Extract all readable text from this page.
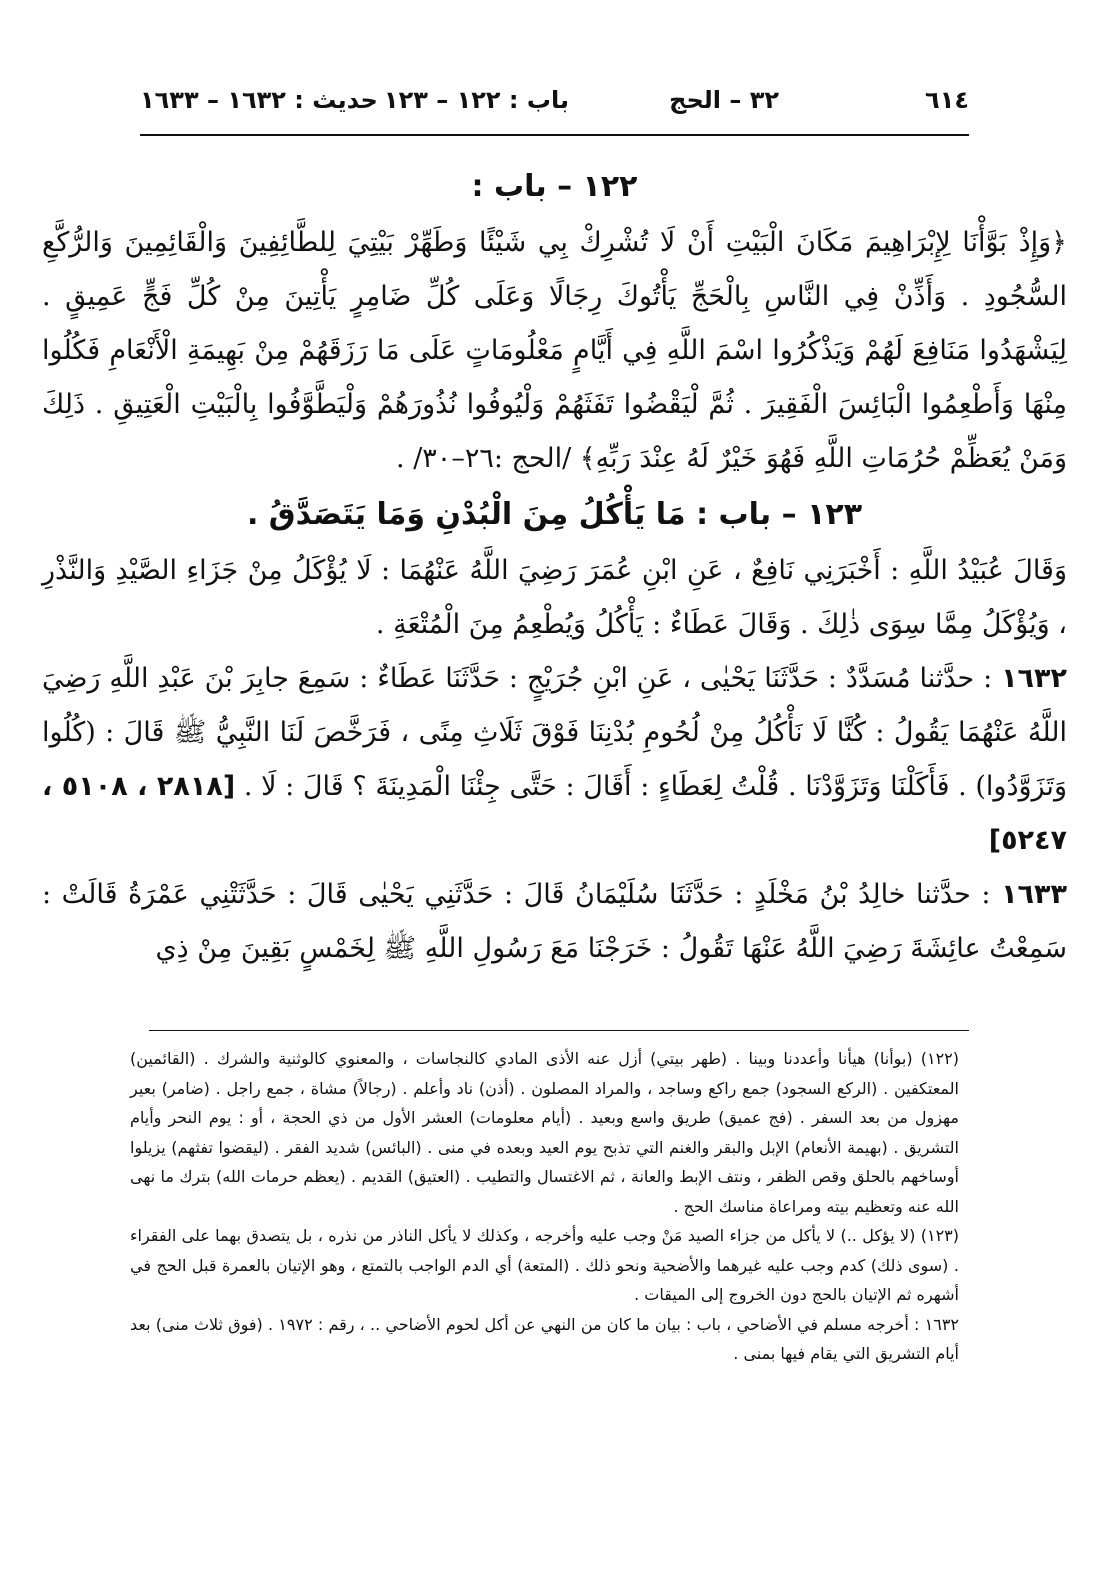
٦١٤
٣٢ – الحج
باب : ١٢٢ – ١٢٣
حديث : ١٦٣٢ – ١٦٣٣
١٢٢ – باب :

﴿وَإِذْ بَوَّأْنَا لِإِبْرَاهِيمَ مَكَانَ الْبَيْتِ أَنْ لَا تُشْرِكْ بِي شَيْئًا وَطَهِّرْ بَيْتِيَ لِلطَّائِفِينَ وَالْقَائِمِينَ وَالرُّكَّعِ السُّجُودِ . وَأَذِّنْ فِي النَّاسِ بِالْحَجِّ يَأْتُوكَ رِجَالًا وَعَلَى كُلِّ ضَامِرٍ يَأْتِينَ مِنْ كُلِّ فَجٍّ عَمِيقٍ . لِيَشْهَدُوا مَنَافِعَ لَهُمْ وَيَذْكُرُوا اسْمَ اللَّهِ فِي أَيَّامٍ مَعْلُومَاتٍ عَلَى مَا رَزَقَهُمْ مِنْ بَهِيمَةِ الْأَنْعَامِ فَكُلُوا مِنْهَا وَأَطْعِمُوا الْبَائِسَ الْفَقِيرَ . ثُمَّ لْيَقْضُوا تَفَثَهُمْ وَلْيُوفُوا نُذُورَهُمْ وَلْيَطَّوَّفُوا بِالْبَيْتِ الْعَتِيقِ . ذَلِكَ وَمَنْ يُعَظِّمْ حُرُمَاتِ اللَّهِ فَهُوَ خَيْرٌ لَهُ عِنْدَ رَبِّهِ﴾ /الحج :٢٦–٣٠/ .

١٢٣ – باب : مَا يَأْكُلُ مِنَ الْبُدْنِ وَمَا يَتَصَدَّقُ .

وَقَالَ عُبَيْدُ اللَّهِ : أَخْبَرَنِي نَافِعٌ ، عَنِ ابْنِ عُمَرَ رَضِيَ اللَّهُ عَنْهُمَا : لَا يُؤْكَلُ مِنْ جَزَاءِ الصَّيْدِ وَالنَّذْرِ ، وَيُؤْكَلُ مِمَّا سِوَى ذٰلِكَ . وَقَالَ عَطَاءٌ : يَأْكُلُ وَيُطْعِمُ مِنَ الْمُتْعَةِ .

١٦٣٢ : حدَّثنا مُسَدَّدٌ : حَدَّثَنَا يَحْيٰى ، عَنِ ابْنِ جُرَيْجٍ : حَدَّثَنَا عَطَاءٌ : سَمِعَ جابِرَ بْنَ عَبْدِ اللَّهِ رَضِيَ اللَّهُ عَنْهُمَا يَقُولُ : كُنَّا لَا نَأْكُلُ مِنْ لُحُومِ بُدْنِنَا فَوْقَ ثَلَاثِ مِنًى ، فَرَخَّصَ لَنَا النَّبِيُّ ﷺ قَالَ : (كُلُوا وَتَزَوَّدُوا) . فَأَكَلْنَا وَتَزَوَّدْنَا . قُلْتُ لِعَطَاءٍ : أَقَالَ : حَتَّى جِئْنَا الْمَدِينَةَ ؟ قَالَ : لَا . [٢٨١٨ ، ٥١٠٨ ، ٥٢٤٧]

١٦٣٣ : حدَّثنا خالِدُ بْنُ مَخْلَدٍ : حَدَّثَنَا سُلَيْمَانُ قَالَ : حَدَّثَنِي يَحْيٰى قَالَ : حَدَّثَتْنِي عَمْرَةُ قَالَتْ : سَمِعْتُ عائِشَةَ رَضِيَ اللَّهُ عَنْهَا تَقُولُ : خَرَجْنَا مَعَ رَسُولِ اللَّهِ ﷺ لِخَمْسٍ بَقِينَ مِنْ ذِي

(١٢٢) (بوأنا) هيأنا وأعددنا وبينا . (طهر بيتي) أزل عنه الأذى المادي كالنجاسات ، والمعنوي كالوثنية والشرك . (القائمين) المعتكفين . (الركع السجود) جمع راكع وساجد ، والمراد المصلون . (أذن) ناد وأعلم . (رجالاً) مشاة ، جمع راجل . (ضامر) بعير مهزول من بعد السفر . (فج عميق) طريق واسع وبعيد . (أيام معلومات) العشر الأول من ذي الحجة ، أو : يوم النحر وأيام التشريق . (بهيمة الأنعام) الإبل والبقر والغنم التي تذبح يوم العيد وبعده في منى . (البائس) شديد الفقر . (ليقضوا تفثهم) يزيلوا أوساخهم بالحلق وقص الظفر ، ونتف الإبط والعانة ، ثم الاغتسال والتطيب . (العتيق) القديم . (يعظم حرمات الله) بترك ما نهى الله عنه وتعظيم بيته ومراعاة مناسك الحج .

(١٢٣) (لا يؤكل ..) لا يأكل من جزاء الصيد مَنْ وجب عليه وأخرجه ، وكذلك لا يأكل الناذر من نذره ، بل يتصدق بهما على الفقراء . (سوى ذلك) كدم وجب عليه غيرهما والأضحية ونحو ذلك . (المتعة) أي الدم الواجب بالتمتع ، وهو الإتيان بالعمرة قبل الحج في أشهره ثم الإتيان بالحج دون الخروج إلى الميقات .

١٦٣٢ : أخرجه مسلم في الأضاحي ، باب : بيان ما كان من النهي عن أكل لحوم الأضاحي .. ، رقم : ١٩٧٢ . (فوق ثلاث منى) بعد أيام التشريق التي يقام فيها بمنى .
